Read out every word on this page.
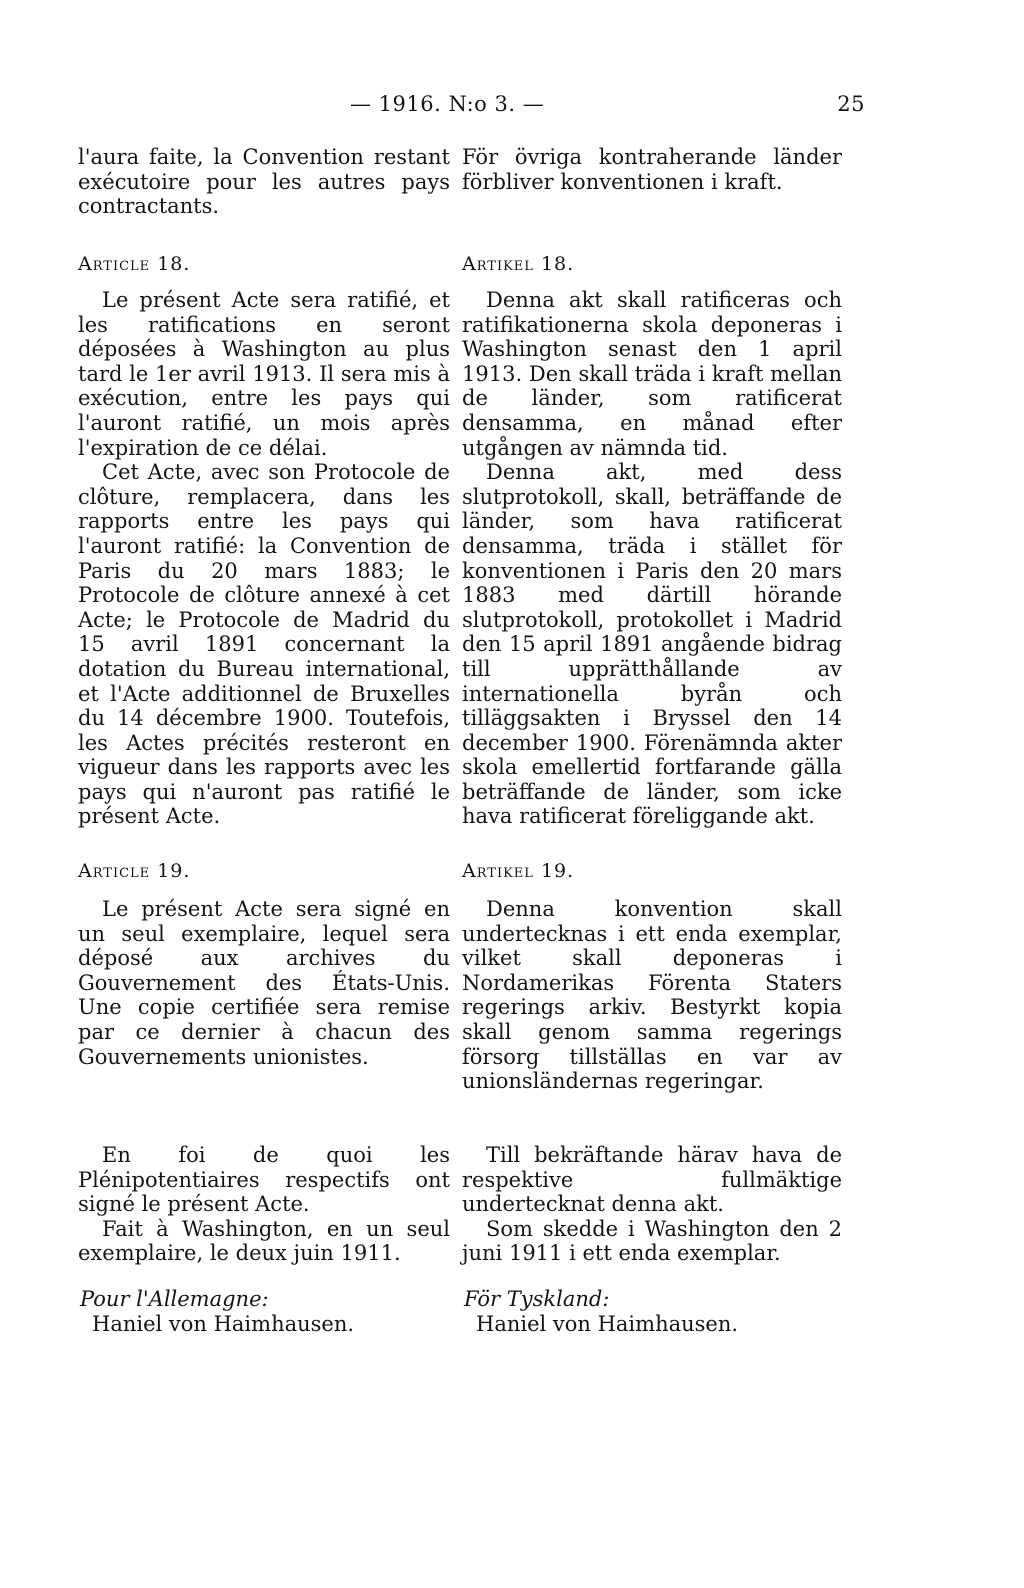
— 1916. N:o 3. —	25

l'aura faite, la Convention restant exécutoire pour les autres pays contractants.

Article 18.

Le présent Acte sera ratifié, et les ratifications en seront déposées à Washington au plus tard le 1er avril 1913. Il sera mis à exécution, entre les pays qui l'auront ratifié, un mois après l'expiration de ce délai.

Cet Acte, avec son Protocole de clôture, remplacera, dans les rapports entre les pays qui l'auront ratifié: la Convention de Paris du 20 mars 1883; le Protocole de clôture annexé à cet Acte; le Protocole de Madrid du 15 avril 1891 concernant la dotation du Bureau international, et l'Acte additionnel de Bruxelles du 14 décembre 1900. Toutefois, les Actes précités resteront en vigueur dans les rapports avec les pays qui n'auront pas ratifié le présent Acte.

Article 19.

Le présent Acte sera signé en un seul exemplaire, lequel sera déposé aux archives du Gouvernement des États-Unis. Une copie certifiée sera remise par ce dernier à chacun des Gouvernements unionistes.

En foi de quoi les Plénipotentiaires respectifs ont signé le présent Acte.

Fait à Washington, en un seul exemplaire, le deux juin 1911.

Pour l'Allemagne:

Haniel von Haimhausen.

För övriga kontraherande länder förbliver konventionen i kraft.

Artikel 18.

Denna akt skall ratificeras och ratifikationerna skola deponeras i Washington senast den 1 april 1913. Den skall träda i kraft mellan de länder, som ratificerat densamma, en månad efter utgången av nämnda tid.

Denna akt, med dess slutprotokoll, skall, beträffande de länder, som hava ratificerat densamma, träda i stället för konventionen i Paris den 20 mars 1883 med därtill hörande slutprotokoll, protokollet i Madrid den 15 april 1891 angående bidrag till upprätthållande av internationella byrån och tilläggsakten i Bryssel den 14 december 1900. Förenämnda akter skola emellertid fortfarande gälla beträffande de länder, som icke hava ratificerat föreliggande akt.

Artikel 19.

Denna konvention skall undertecknas i ett enda exemplar, vilket skall deponeras i Nordamerikas Förenta Staters regerings arkiv. Bestyrkt kopia skall genom samma regerings försorg tillställas en var av unionsländernas regeringar.

Till bekräftande härav hava de respektive fullmäktige undertecknat denna akt.

Som skedde i Washington den 2 juni 1911 i ett enda exemplar.

För Tyskland:

Haniel von Haimhausen.
